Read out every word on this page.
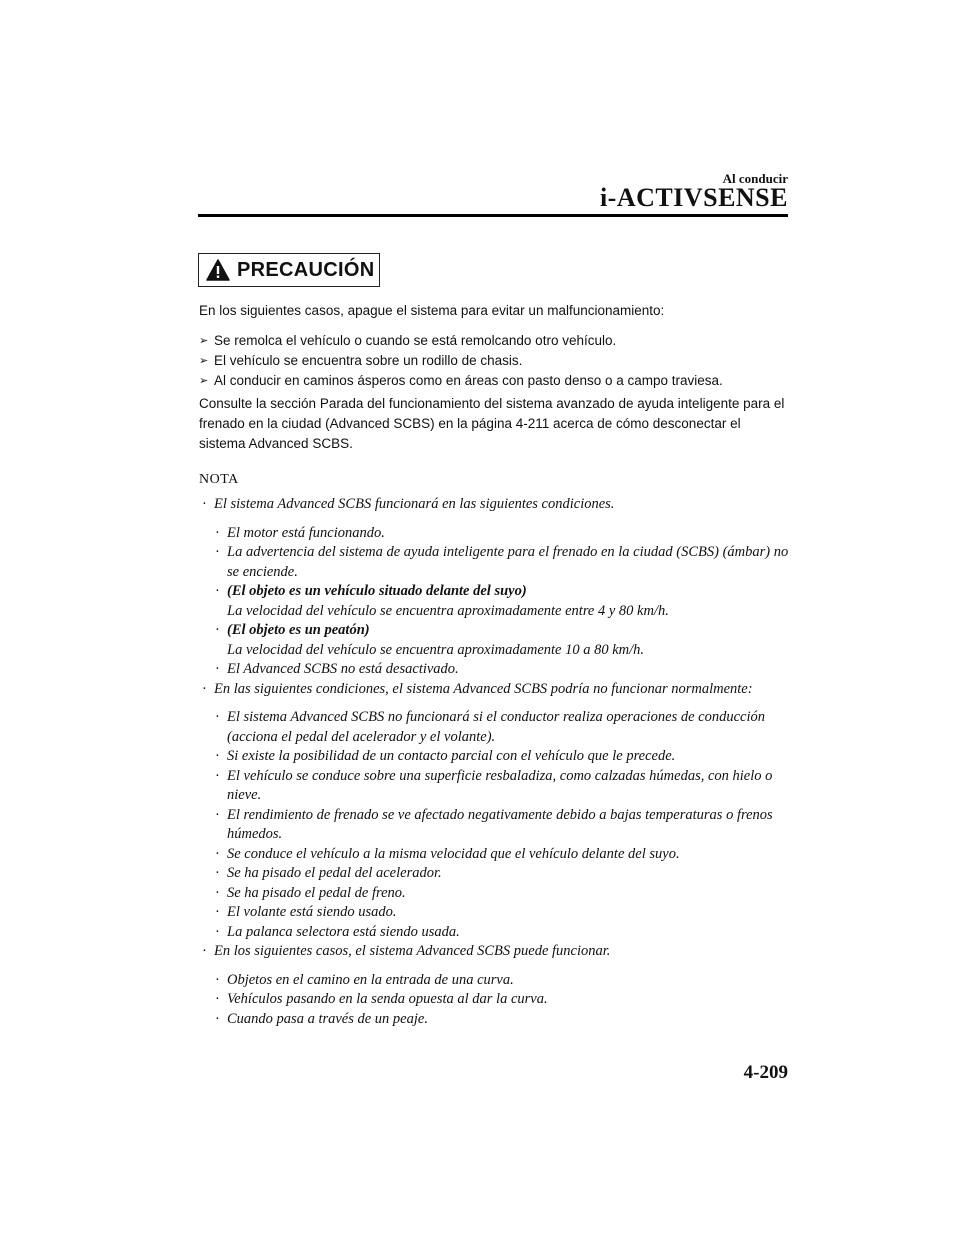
Al conducir
i-ACTIVSENSE
PRECAUCIÓN
En los siguientes casos, apague el sistema para evitar un malfuncionamiento:
➢ Se remolca el vehículo o cuando se está remolcando otro vehículo.
➢ El vehículo se encuentra sobre un rodillo de chasis.
➢ Al conducir en caminos ásperos como en áreas con pasto denso o a campo traviesa.
Consulte la sección Parada del funcionamiento del sistema avanzado de ayuda inteligente para el frenado en la ciudad (Advanced SCBS) en la página 4-211 acerca de cómo desconectar el sistema Advanced SCBS.
NOTA
· El sistema Advanced SCBS funcionará en las siguientes condiciones.
· El motor está funcionando.
· La advertencia del sistema de ayuda inteligente para el frenado en la ciudad (SCBS) (ámbar) no se enciende.
· (El objeto es un vehículo situado delante del suyo)
La velocidad del vehículo se encuentra aproximadamente entre 4 y 80 km/h.
· (El objeto es un peatón)
La velocidad del vehículo se encuentra aproximadamente 10 a 80 km/h.
· El Advanced SCBS no está desactivado.
· En las siguientes condiciones, el sistema Advanced SCBS podría no funcionar normalmente:
· El sistema Advanced SCBS no funcionará si el conductor realiza operaciones de conducción (acciona el pedal del acelerador y el volante).
· Si existe la posibilidad de un contacto parcial con el vehículo que le precede.
· El vehículo se conduce sobre una superficie resbaladiza, como calzadas húmedas, con hielo o nieve.
· El rendimiento de frenado se ve afectado negativamente debido a bajas temperaturas o frenos húmedos.
· Se conduce el vehículo a la misma velocidad que el vehículo delante del suyo.
· Se ha pisado el pedal del acelerador.
· Se ha pisado el pedal de freno.
· El volante está siendo usado.
· La palanca selectora está siendo usada.
· En los siguientes casos, el sistema Advanced SCBS puede funcionar.
· Objetos en el camino en la entrada de una curva.
· Vehículos pasando en la senda opuesta al dar la curva.
· Cuando pasa a través de un peaje.
4-209
